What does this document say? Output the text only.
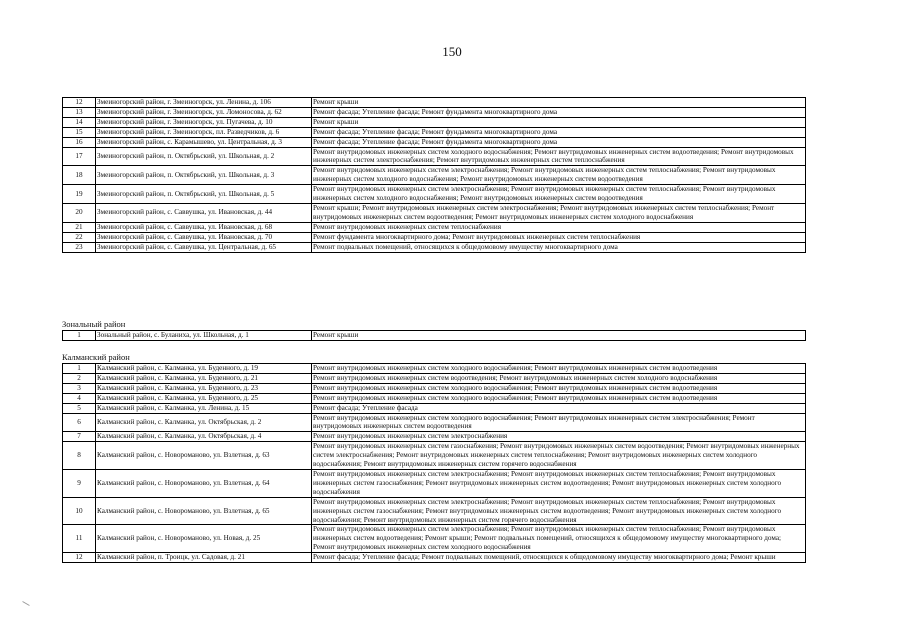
150
12	Змеиногорский район, г. Змеиногорск, ул. Ленина, д. 106	Ремонт крыши
13	Змеиногорский район, г. Змеиногорск, ул. Ломоносова, д. 62	Ремонт фасада; Утепление фасада; Ремонт фундамента многоквартирного дома
14	Змеиногорский район, г. Змеиногорск, ул. Пугачева, д. 10	Ремонт крыши
15	Змеиногорский район, г. Змеиногорск, пл. Разведчиков, д. 6	Ремонт фасада; Утепление фасада; Ремонт фундамента многоквартирного дома
16	Змеиногорский район, с. Карамышево, ул. Центральная, д. 3	Ремонт фасада; Утепление фасада; Ремонт фундамента многоквартирного дома
17	Змеиногорский район, п. Октябрьский, ул. Школьная, д. 2	Ремонт внутридомовых инженерных систем холодного водоснабжения; Ремонт внутридомовых инженерных систем водоотведения; Ремонт внутридомовых инженерных систем электроснабжения; Ремонт внутридомовых инженерных систем теплоснабжения
18	Змеиногорский район, п. Октябрьский, ул. Школьная, д. 3	Ремонт внутридомовых инженерных систем электроснабжения; Ремонт внутридомовых инженерных систем теплоснабжения; Ремонт внутридомовых инженерных систем холодного водоснабжения; Ремонт внутридомовых инженерных систем водоотведения
19	Змеиногорский район, п. Октябрьский, ул. Школьная, д. 5	Ремонт внутридомовых инженерных систем электроснабжения; Ремонт внутридомовых инженерных систем теплоснабжения; Ремонт внутридомовых инженерных систем холодного водоснабжения; Ремонт внутридомовых инженерных систем водоотведения
20	Змеиногорский район, с. Саввушка, ул. Ивановская, д. 44	Ремонт крыши; Ремонт внутридомовых инженерных систем электроснабжения; Ремонт внутридомовых инженерных систем теплоснабжения; Ремонт внутридомовых инженерных систем водоотведения; Ремонт внутридомовых инженерных систем холодного водоснабжения
21	Змеиногорский район, с. Саввушка, ул. Ивановская, д. 68	Ремонт внутридомовых инженерных систем теплоснабжения
22	Змеиногорский район, с. Саввушка, ул. Ивановская, д. 70	Ремонт фундамента многоквартирного дома; Ремонт внутридомовых инженерных систем теплоснабжения
23	Змеиногорский район, с. Саввушка, ул. Центральная, д. 65	Ремонт подвальных помещений, относящихся к общедомовому имуществу многоквартирного дома
Зональный район
1	Зональный район, с. Буланиха, ул. Школьная, д. 1	Ремонт крыши
Калманский район
1	Калманский район, с. Калманка, ул. Буденного, д. 19	Ремонт внутридомовых инженерных систем холодного водоснабжения; Ремонт внутридомовых инженерных систем водоотведения
2	Калманский район, с. Калманка, ул. Буденного, д. 21	Ремонт внутридомовых инженерных систем водоотведения; Ремонт внутридомовых инженерных систем холодного водоснабжения
3	Калманский район, с. Калманка, ул. Буденного, д. 23	Ремонт внутридомовых инженерных систем холодного водоснабжения; Ремонт внутридомовых инженерных систем водоотведения
4	Калманский район, с. Калманка, ул. Буденного, д. 25	Ремонт внутридомовых инженерных систем холодного водоснабжения; Ремонт внутридомовых инженерных систем водоотведения
5	Калманский район, с. Калманка, ул. Ленина, д. 15	Ремонт фасада; Утепление фасада
6	Калманский район, с. Калманка, ул. Октябрьская, д. 2	Ремонт внутридомовых инженерных систем холодного водоснабжения; Ремонт внутридомовых инженерных систем электроснабжения; Ремонт внутридомовых инженерных систем водоотведения
7	Калманский район, с. Калманка, ул. Октябрьская, д. 4	Ремонт внутридомовых инженерных систем электроснабжения
8	Калманский район, с. Новороманово, ул. Взлетная, д. 63	Ремонт внутридомовых инженерных систем газоснабжения; Ремонт внутридомовых инженерных систем водоотведения; Ремонт внутридомовых инженерных систем электроснабжения; Ремонт внутридомовых инженерных систем теплоснабжения; Ремонт внутридомовых инженерных систем холодного водоснабжения; Ремонт внутридомовых инженерных систем горячего водоснабжения
9	Калманский район, с. Новороманово, ул. Взлетная, д. 64	Ремонт внутридомовых инженерных систем электроснабжения; Ремонт внутридомовых инженерных систем теплоснабжения; Ремонт внутридомовых инженерных систем газоснабжения; Ремонт внутридомовых инженерных систем водоотведения; Ремонт внутридомовых инженерных систем холодного водоснабжения
10	Калманский район, с. Новороманово, ул. Взлетная, д. 65	Ремонт внутридомовых инженерных систем электроснабжения; Ремонт внутридомовых инженерных систем теплоснабжения; Ремонт внутридомовых инженерных систем газоснабжения; Ремонт внутридомовых инженерных систем водоотведения; Ремонт внутридомовых инженерных систем холодного водоснабжения; Ремонт внутридомовых инженерных систем горячего водоснабжения
11	Калманский район, с. Новороманово, ул. Новая, д. 25	Ремонт внутридомовых инженерных систем электроснабжения; Ремонт внутридомовых инженерных систем теплоснабжения; Ремонт внутридомовых инженерных систем водоотведения; Ремонт крыши; Ремонт подвальных помещений, относящихся к общедомовому имуществу многоквартирного дома; Ремонт внутридомовых инженерных систем холодного водоснабжения
12	Калманский район, п. Троицк, ул. Садовая, д. 21	Ремонт фасада; Утепление фасада; Ремонт подвальных помещений, относящихся к общедомовому имуществу многоквартирного дома; Ремонт крыши
